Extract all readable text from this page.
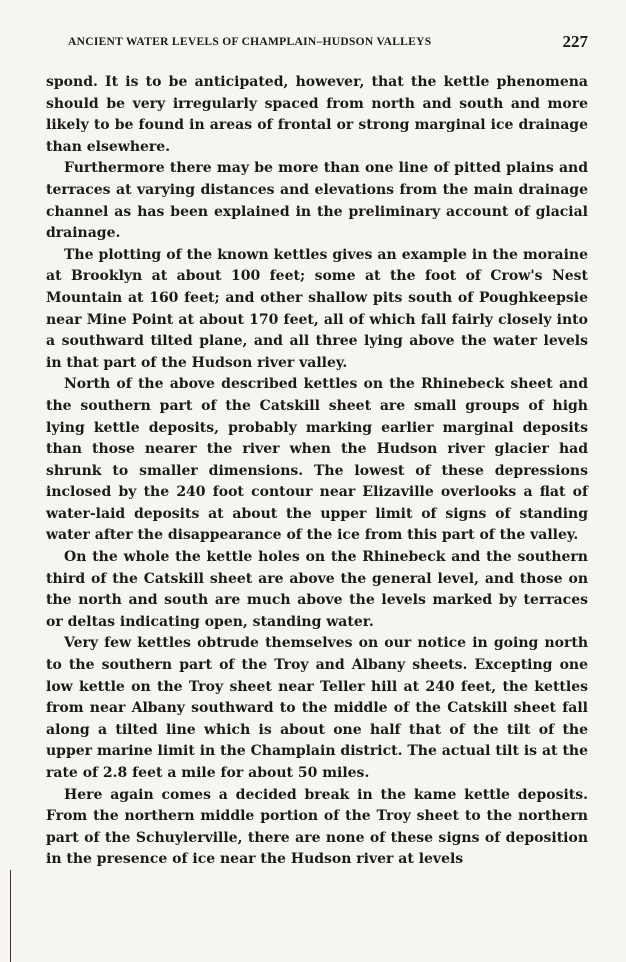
ANCIENT WATER LEVELS OF CHAMPLAIN–HUDSON VALLEYS	227

spond. It is to be anticipated, however, that the kettle phenomena should be very irregularly spaced from north and south and more likely to be found in areas of frontal or strong marginal ice drainage than elsewhere.

Furthermore there may be more than one line of pitted plains and terraces at varying distances and elevations from the main drainage channel as has been explained in the preliminary account of glacial drainage.

The plotting of the known kettles gives an example in the moraine at Brooklyn at about 100 feet; some at the foot of Crow's Nest Mountain at 160 feet; and other shallow pits south of Poughkeepsie near Mine Point at about 170 feet, all of which fall fairly closely into a southward tilted plane, and all three lying above the water levels in that part of the Hudson river valley.

North of the above described kettles on the Rhinebeck sheet and the southern part of the Catskill sheet are small groups of high lying kettle deposits, probably marking earlier marginal deposits than those nearer the river when the Hudson river glacier had shrunk to smaller dimensions. The lowest of these depressions inclosed by the 240 foot contour near Elizaville overlooks a flat of water-laid deposits at about the upper limit of signs of standing water after the disappearance of the ice from this part of the valley.

On the whole the kettle holes on the Rhinebeck and the southern third of the Catskill sheet are above the general level, and those on the north and south are much above the levels marked by terraces or deltas indicating open, standing water.

Very few kettles obtrude themselves on our notice in going north to the southern part of the Troy and Albany sheets. Excepting one low kettle on the Troy sheet near Teller hill at 240 feet, the kettles from near Albany southward to the middle of the Catskill sheet fall along a tilted line which is about one half that of the tilt of the upper marine limit in the Champlain district. The actual tilt is at the rate of 2.8 feet a mile for about 50 miles.

Here again comes a decided break in the kame kettle deposits. From the northern middle portion of the Troy sheet to the northern part of the Schuylerville, there are none of these signs of deposition in the presence of ice near the Hudson river at levels
